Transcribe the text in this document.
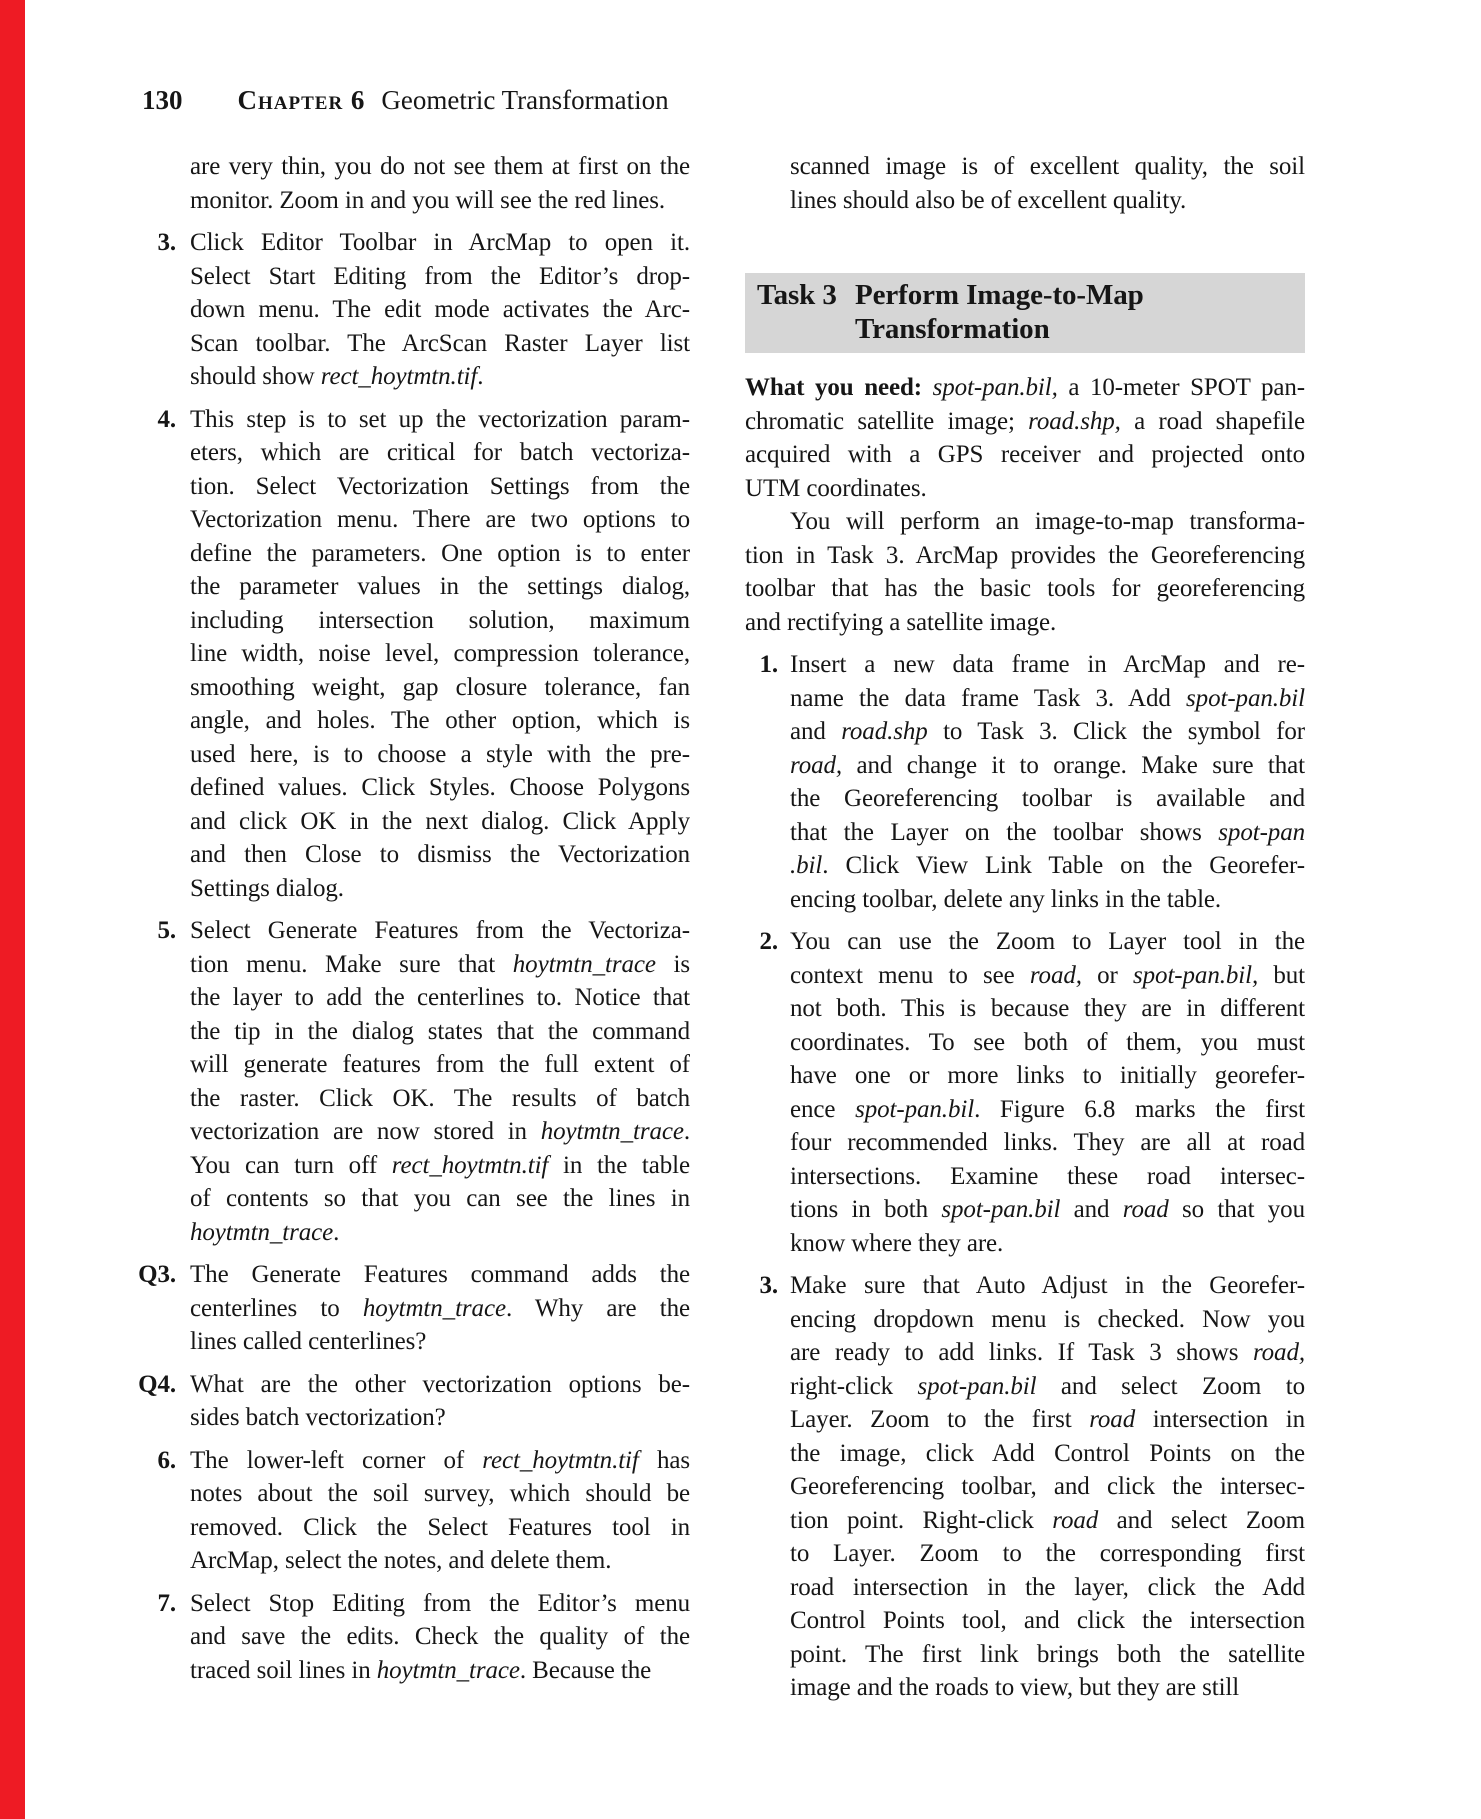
130 Chapter 6 Geometric Transformation
are very thin, you do not see them at first on the
monitor. Zoom in and you will see the red lines.
3. Click Editor Toolbar in ArcMap to open it.
Select Start Editing from the Editor’s drop-
down menu. The edit mode activates the Arc-
Scan toolbar. The ArcScan Raster Layer list
should show rect_hoytmtn.tif.
4. This step is to set up the vectorization param-
eters, which are critical for batch vectoriza-
tion. Select Vectorization Settings from the
Vectorization menu. There are two options to
define the parameters. One option is to enter
the parameter values in the settings dialog,
including intersection solution, maximum
line width, noise level, compression tolerance,
smoothing weight, gap closure tolerance, fan
angle, and holes. The other option, which is
used here, is to choose a style with the pre-
defined values. Click Styles. Choose Polygons
and click OK in the next dialog. Click Apply
and then Close to dismiss the Vectorization
Settings dialog.
5. Select Generate Features from the Vectoriza-
tion menu. Make sure that hoytmtn_trace is
the layer to add the centerlines to. Notice that
the tip in the dialog states that the command
will generate features from the full extent of
the raster. Click OK. The results of batch
vectorization are now stored in hoytmtn_trace.
You can turn off rect_hoytmtn.tif in the table
of contents so that you can see the lines in
hoytmtn_trace.
Q3. The Generate Features command adds the
centerlines to hoytmtn_trace. Why are the
lines called centerlines?
Q4. What are the other vectorization options be-
sides batch vectorization?
6. The lower-left corner of rect_hoytmtn.tif has
notes about the soil survey, which should be
removed. Click the Select Features tool in
ArcMap, select the notes, and delete them.
7. Select Stop Editing from the Editor’s menu
and save the edits. Check the quality of the
traced soil lines in hoytmtn_trace. Because the
scanned image is of excellent quality, the soil
lines should also be of excellent quality.
Task 3 Perform Image-to-Map
Transformation
What you need: spot-pan.bil, a 10-meter SPOT pan-
chromatic satellite image; road.shp, a road shapefile
acquired with a GPS receiver and projected onto
UTM coordinates.
You will perform an image-to-map transforma-
tion in Task 3. ArcMap provides the Georeferencing
toolbar that has the basic tools for georeferencing
and rectifying a satellite image.
1. Insert a new data frame in ArcMap and re-
name the data frame Task 3. Add spot-pan.bil
and road.shp to Task 3. Click the symbol for
road, and change it to orange. Make sure that
the Georeferencing toolbar is available and
that the Layer on the toolbar shows spot-pan
.bil. Click View Link Table on the Georefer-
encing toolbar, delete any links in the table.
2. You can use the Zoom to Layer tool in the
context menu to see road, or spot-pan.bil, but
not both. This is because they are in different
coordinates. To see both of them, you must
have one or more links to initially georefer-
ence spot-pan.bil. Figure 6.8 marks the first
four recommended links. They are all at road
intersections. Examine these road intersec-
tions in both spot-pan.bil and road so that you
know where they are.
3. Make sure that Auto Adjust in the Georefer-
encing dropdown menu is checked. Now you
are ready to add links. If Task 3 shows road,
right-click spot-pan.bil and select Zoom to
Layer. Zoom to the first road intersection in
the image, click Add Control Points on the
Georeferencing toolbar, and click the intersec-
tion point. Right-click road and select Zoom
to Layer. Zoom to the corresponding first
road intersection in the layer, click the Add
Control Points tool, and click the intersection
point. The first link brings both the satellite
image and the roads to view, but they are still
